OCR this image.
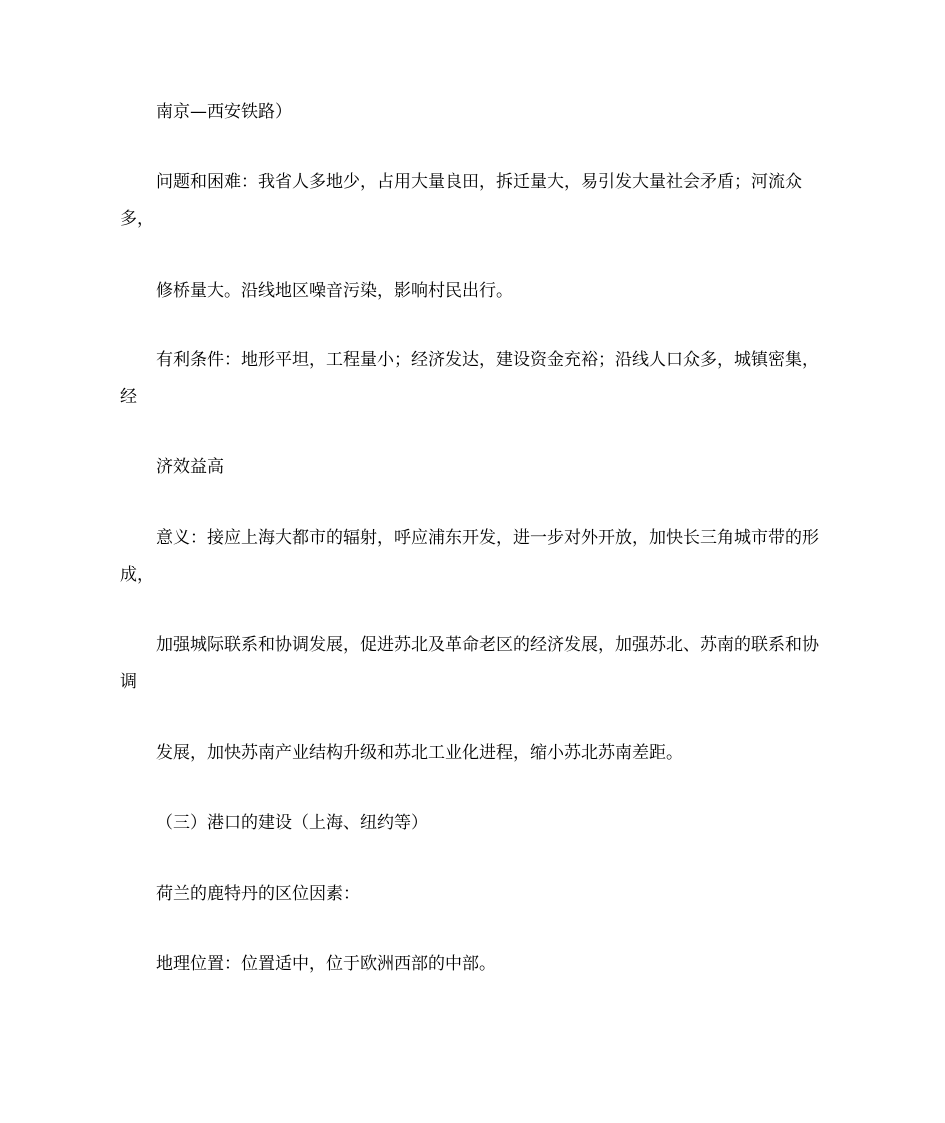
南京—西安铁路）

问题和困难：我省人多地少，占用大量良田，拆迁量大，易引发大量社会矛盾；河流众多，

修桥量大。沿线地区噪音污染，影响村民出行。

有利条件：地形平坦，工程量小；经济发达，建设资金充裕；沿线人口众多，城镇密集，经

济效益高

意义：接应上海大都市的辐射，呼应浦东开发，进一步对外开放，加快长三角城市带的形成，

加强城际联系和协调发展，促进苏北及革命老区的经济发展，加强苏北、苏南的联系和协调

发展，加快苏南产业结构升级和苏北工业化进程，缩小苏北苏南差距。

（三）港口的建设（上海、纽约等）

荷兰的鹿特丹的区位因素：

地理位置：位置适中，位于欧洲西部的中部。
